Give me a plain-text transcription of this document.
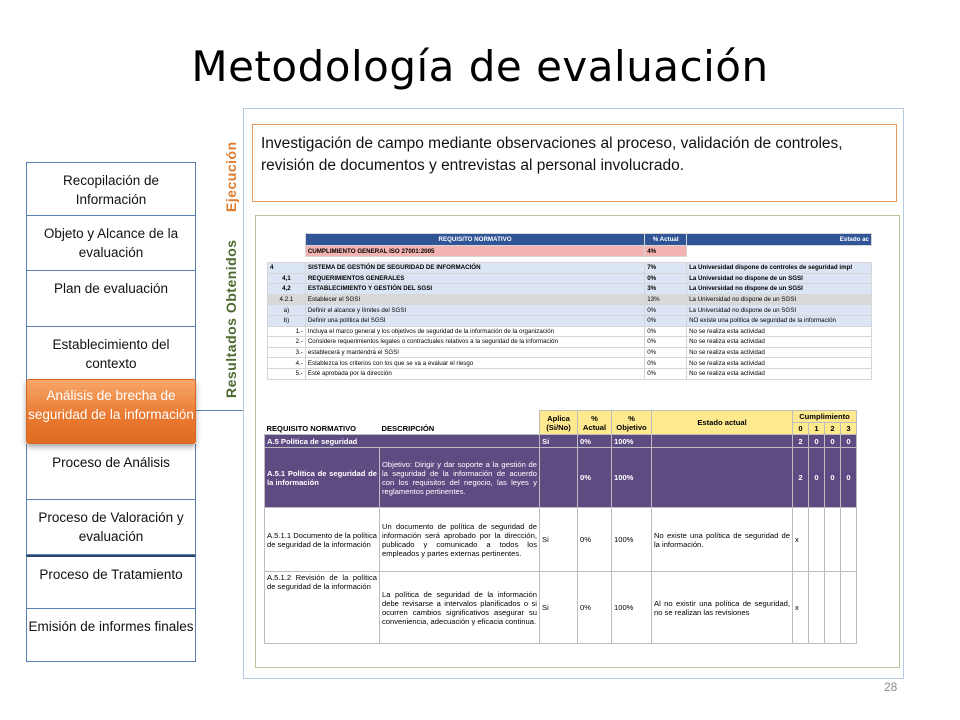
Metodología de evaluación
Recopilación de Información
Objeto y Alcance de la evaluación
Plan de evaluación
Establecimiento del contexto
Análisis de brecha de seguridad de la información
Proceso de Análisis
Proceso de Valoración y evaluación
Proceso de Tratamiento
Emisión de informes finales
Ejecución
Resultados Obtenidos
Investigación de campo mediante observaciones al proceso, validación de controles, revisión de documentos y entrevistas al personal involucrado.
	REQUISITO NORMATIVO	% Actual	Estado ac
	CUMPLIMIENTO GENERAL ISO 27001:2005	4%	

4	SISTEMA DE GESTIÓN DE SEGURIDAD DE INFORMACIÓN	7%	La Universidad dispone de controles de seguridad impl
4,1	REQUERIMIENTOS GENERALES	0%	La Universidad no dispone de un SGSI
4,2	ESTABLECIMIENTO Y GESTIÓN DEL SGSI	3%	La Universidad no dispone de un SGSI
4.2.1	Establecer el SGSI	13%	La Universidad no dispone de un SGSI
a)	Definir el alcance y límites del SGSI	0%	La Universidad no dispone de un SGSI
b)	Definir una política del SGSI	0%	NO existe una política de seguridad de la información
1.-	Incluya el marco general y los objetivos de seguridad de la información de la organización	0%	No se realiza esta actividad
2.-	Considere requerimientos legales o contractuales relativos a la seguridad de la información	0%	No se realiza esta actividad
3.-	establecerá y mantendrá el SGSI	0%	No se realiza esta actividad
4.-	Establezca los criterios con los que se va a evaluar el riesgo	0%	No se realiza esta actividad
5.-	Esté aprobada por la dirección	0%	No se realiza esta actividad
		Aplica (Si/No)	% Actual	% Objetivo	Estado actual	Cumplimiento			
REQUISITO NORMATIVO	DESCRIPCIÓN					0	1	2	3
A.5 Política de seguridad		Si	0%	100%		2	0	0	0
A.5.1 Política de seguridad de la información	Objetivo: Dirigir y dar soporte a la gestión de la seguridad de la información de acuerdo con los requisitos del negocio, las leyes y reglamentos pertinentes.		0%	100%		2	0	0	0
A.5.1.1 Documento de la política de seguridad de la información	Un documento de política de seguridad de información será aprobado por la dirección, publicado y comunicado a todos los empleados y partes externas pertinentes.	Si	0%	100%	No existe una política de seguridad de la información.	x			
A.5.1.2 Revisión de la política de seguridad de la información	La política de seguridad de la información debe revisarse a intervalos planificados o si ocurren cambios significativos asegurar su conveniencia, adecuación y eficacia continua.	Si	0%	100%	Al no existir una política de seguridad, no se realizan las revisiones	x			
28
